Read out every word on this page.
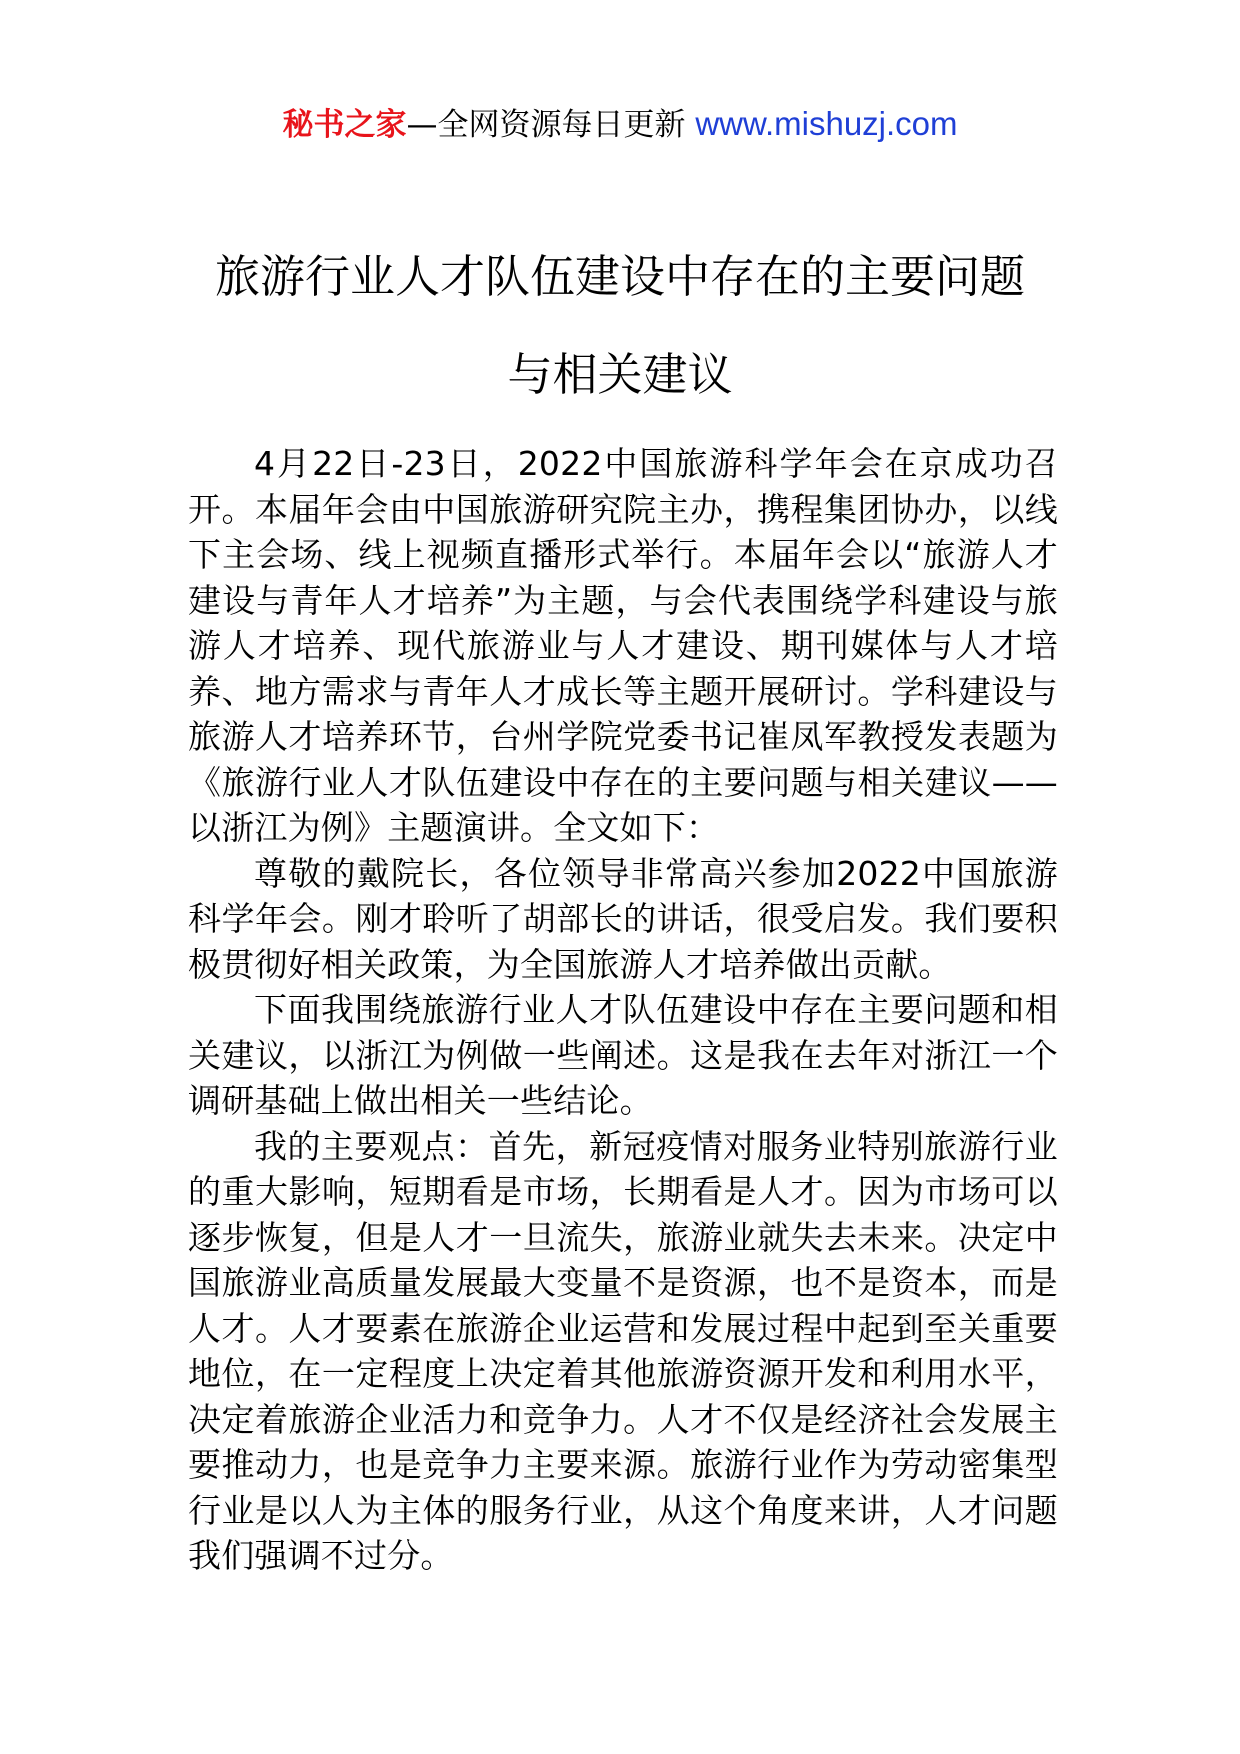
秘书之家—全网资源每日更新 www.mishuzj.com
旅游行业人才队伍建设中存在的主要问题
与相关建议

4月22日-23日，2022中国旅游科学年会在京成功召开。本届年会由中国旅游研究院主办，携程集团协办，以线下主会场、线上视频直播形式举行。本届年会以“旅游人才建设与青年人才培养”为主题，与会代表围绕学科建设与旅游人才培养、现代旅游业与人才建设、期刊媒体与人才培养、地方需求与青年人才成长等主题开展研讨。学科建设与旅游人才培养环节，台州学院党委书记崔凤军教授发表题为《旅游行业人才队伍建设中存在的主要问题与相关建议——以浙江为例》主题演讲。全文如下：

尊敬的戴院长，各位领导非常高兴参加2022中国旅游科学年会。刚才聆听了胡部长的讲话，很受启发。我们要积极贯彻好相关政策，为全国旅游人才培养做出贡献。

下面我围绕旅游行业人才队伍建设中存在主要问题和相关建议，以浙江为例做一些阐述。这是我在去年对浙江一个调研基础上做出相关一些结论。

我的主要观点：首先，新冠疫情对服务业特别旅游行业的重大影响，短期看是市场，长期看是人才。因为市场可以逐步恢复，但是人才一旦流失，旅游业就失去未来。决定中国旅游业高质量发展最大变量不是资源，也不是资本，而是人才。人才要素在旅游企业运营和发展过程中起到至关重要地位，在一定程度上决定着其他旅游资源开发和利用水平，决定着旅游企业活力和竞争力。人才不仅是经济社会发展主要推动力，也是竞争力主要来源。旅游行业作为劳动密集型行业是以人为主体的服务行业，从这个角度来讲，人才问题我们强调不过分。
